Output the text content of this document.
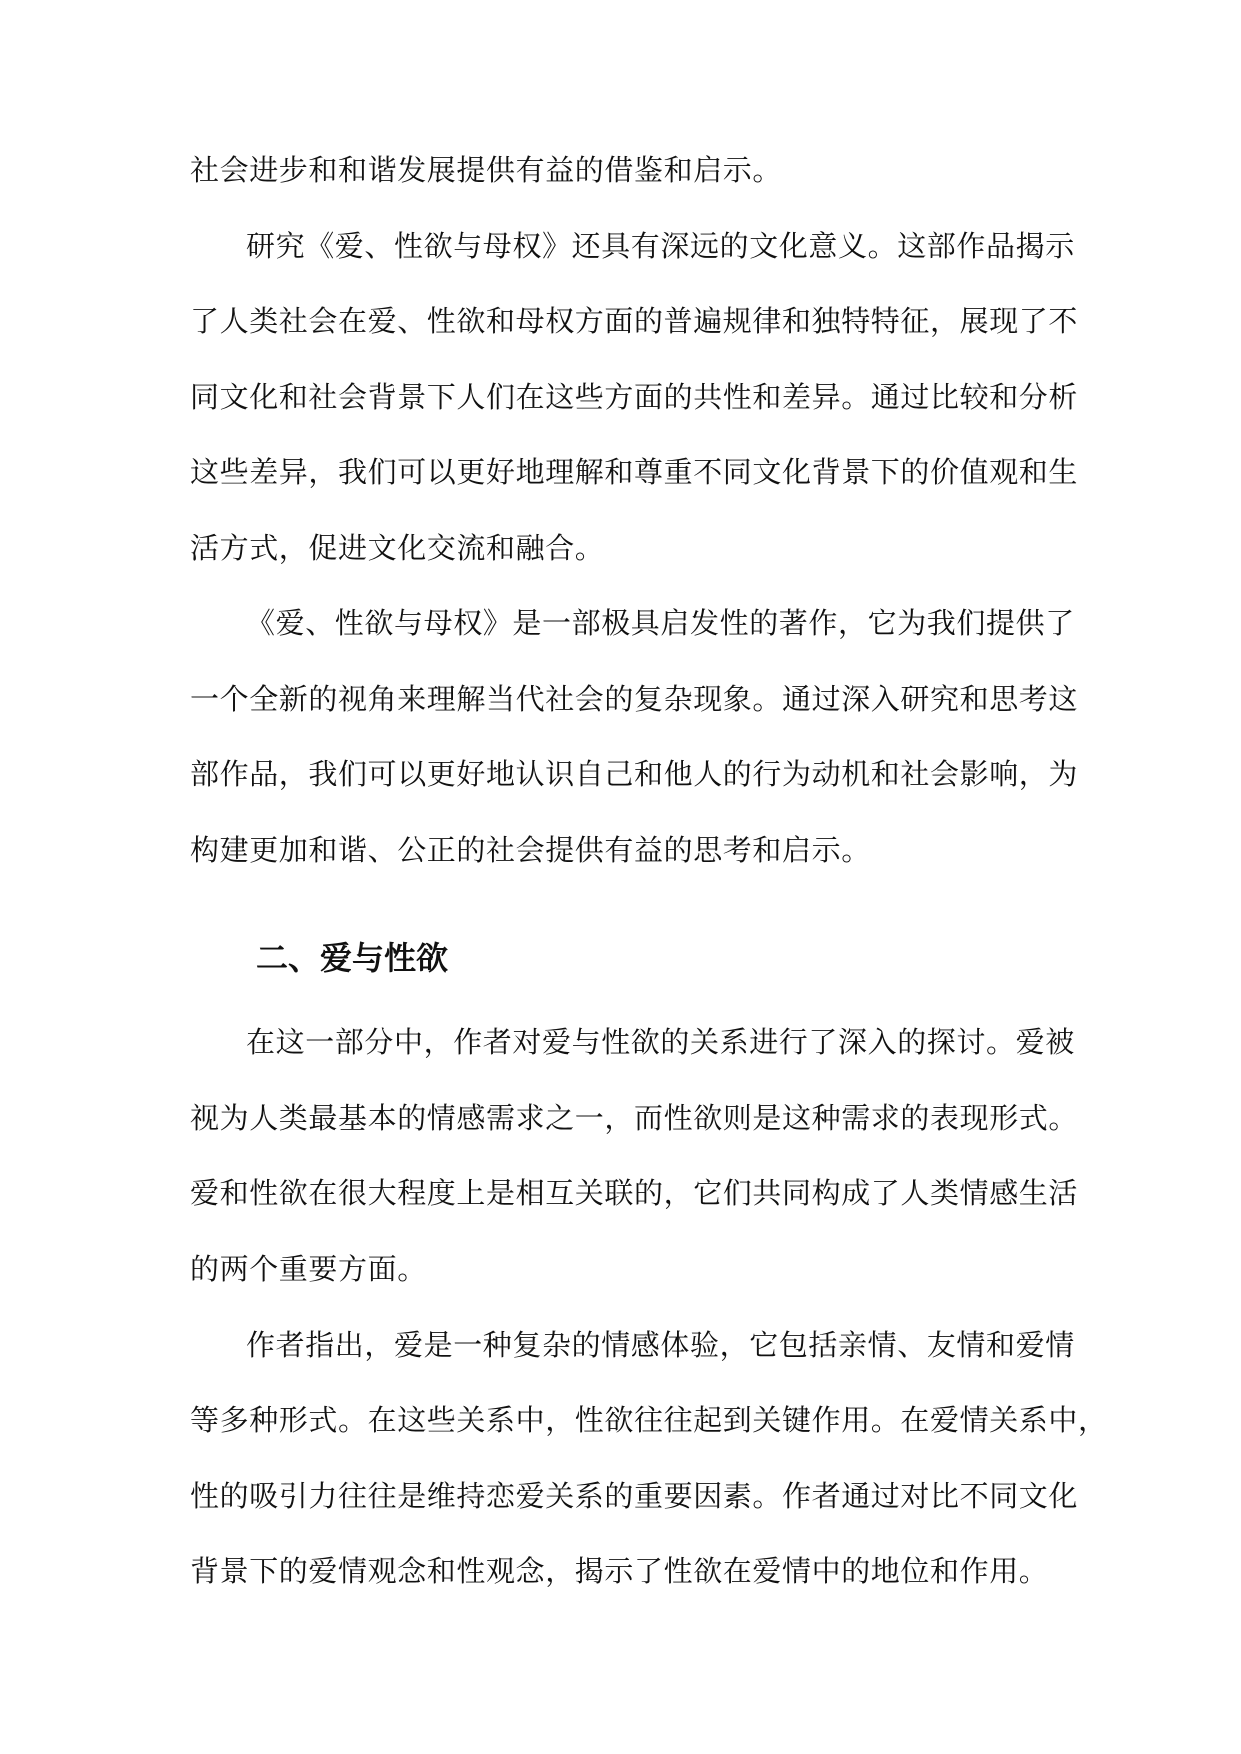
社会进步和和谐发展提供有益的借鉴和启示。
研究《爱、性欲与母权》还具有深远的文化意义。这部作品揭示
了人类社会在爱、性欲和母权方面的普遍规律和独特特征，展现了不
同文化和社会背景下人们在这些方面的共性和差异。通过比较和分析
这些差异，我们可以更好地理解和尊重不同文化背景下的价值观和生
活方式，促进文化交流和融合。
《爱、性欲与母权》是一部极具启发性的著作，它为我们提供了
一个全新的视角来理解当代社会的复杂现象。通过深入研究和思考这
部作品，我们可以更好地认识自己和他人的行为动机和社会影响，为
构建更加和谐、公正的社会提供有益的思考和启示。
二、爱与性欲
在这一部分中，作者对爱与性欲的关系进行了深入的探讨。爱被
视为人类最基本的情感需求之一，而性欲则是这种需求的表现形式。
爱和性欲在很大程度上是相互关联的，它们共同构成了人类情感生活
的两个重要方面。
作者指出，爱是一种复杂的情感体验，它包括亲情、友情和爱情
等多种形式。在这些关系中，性欲往往起到关键作用。在爱情关系中，
性的吸引力往往是维持恋爱关系的重要因素。作者通过对比不同文化
背景下的爱情观念和性观念，揭示了性欲在爱情中的地位和作用。
